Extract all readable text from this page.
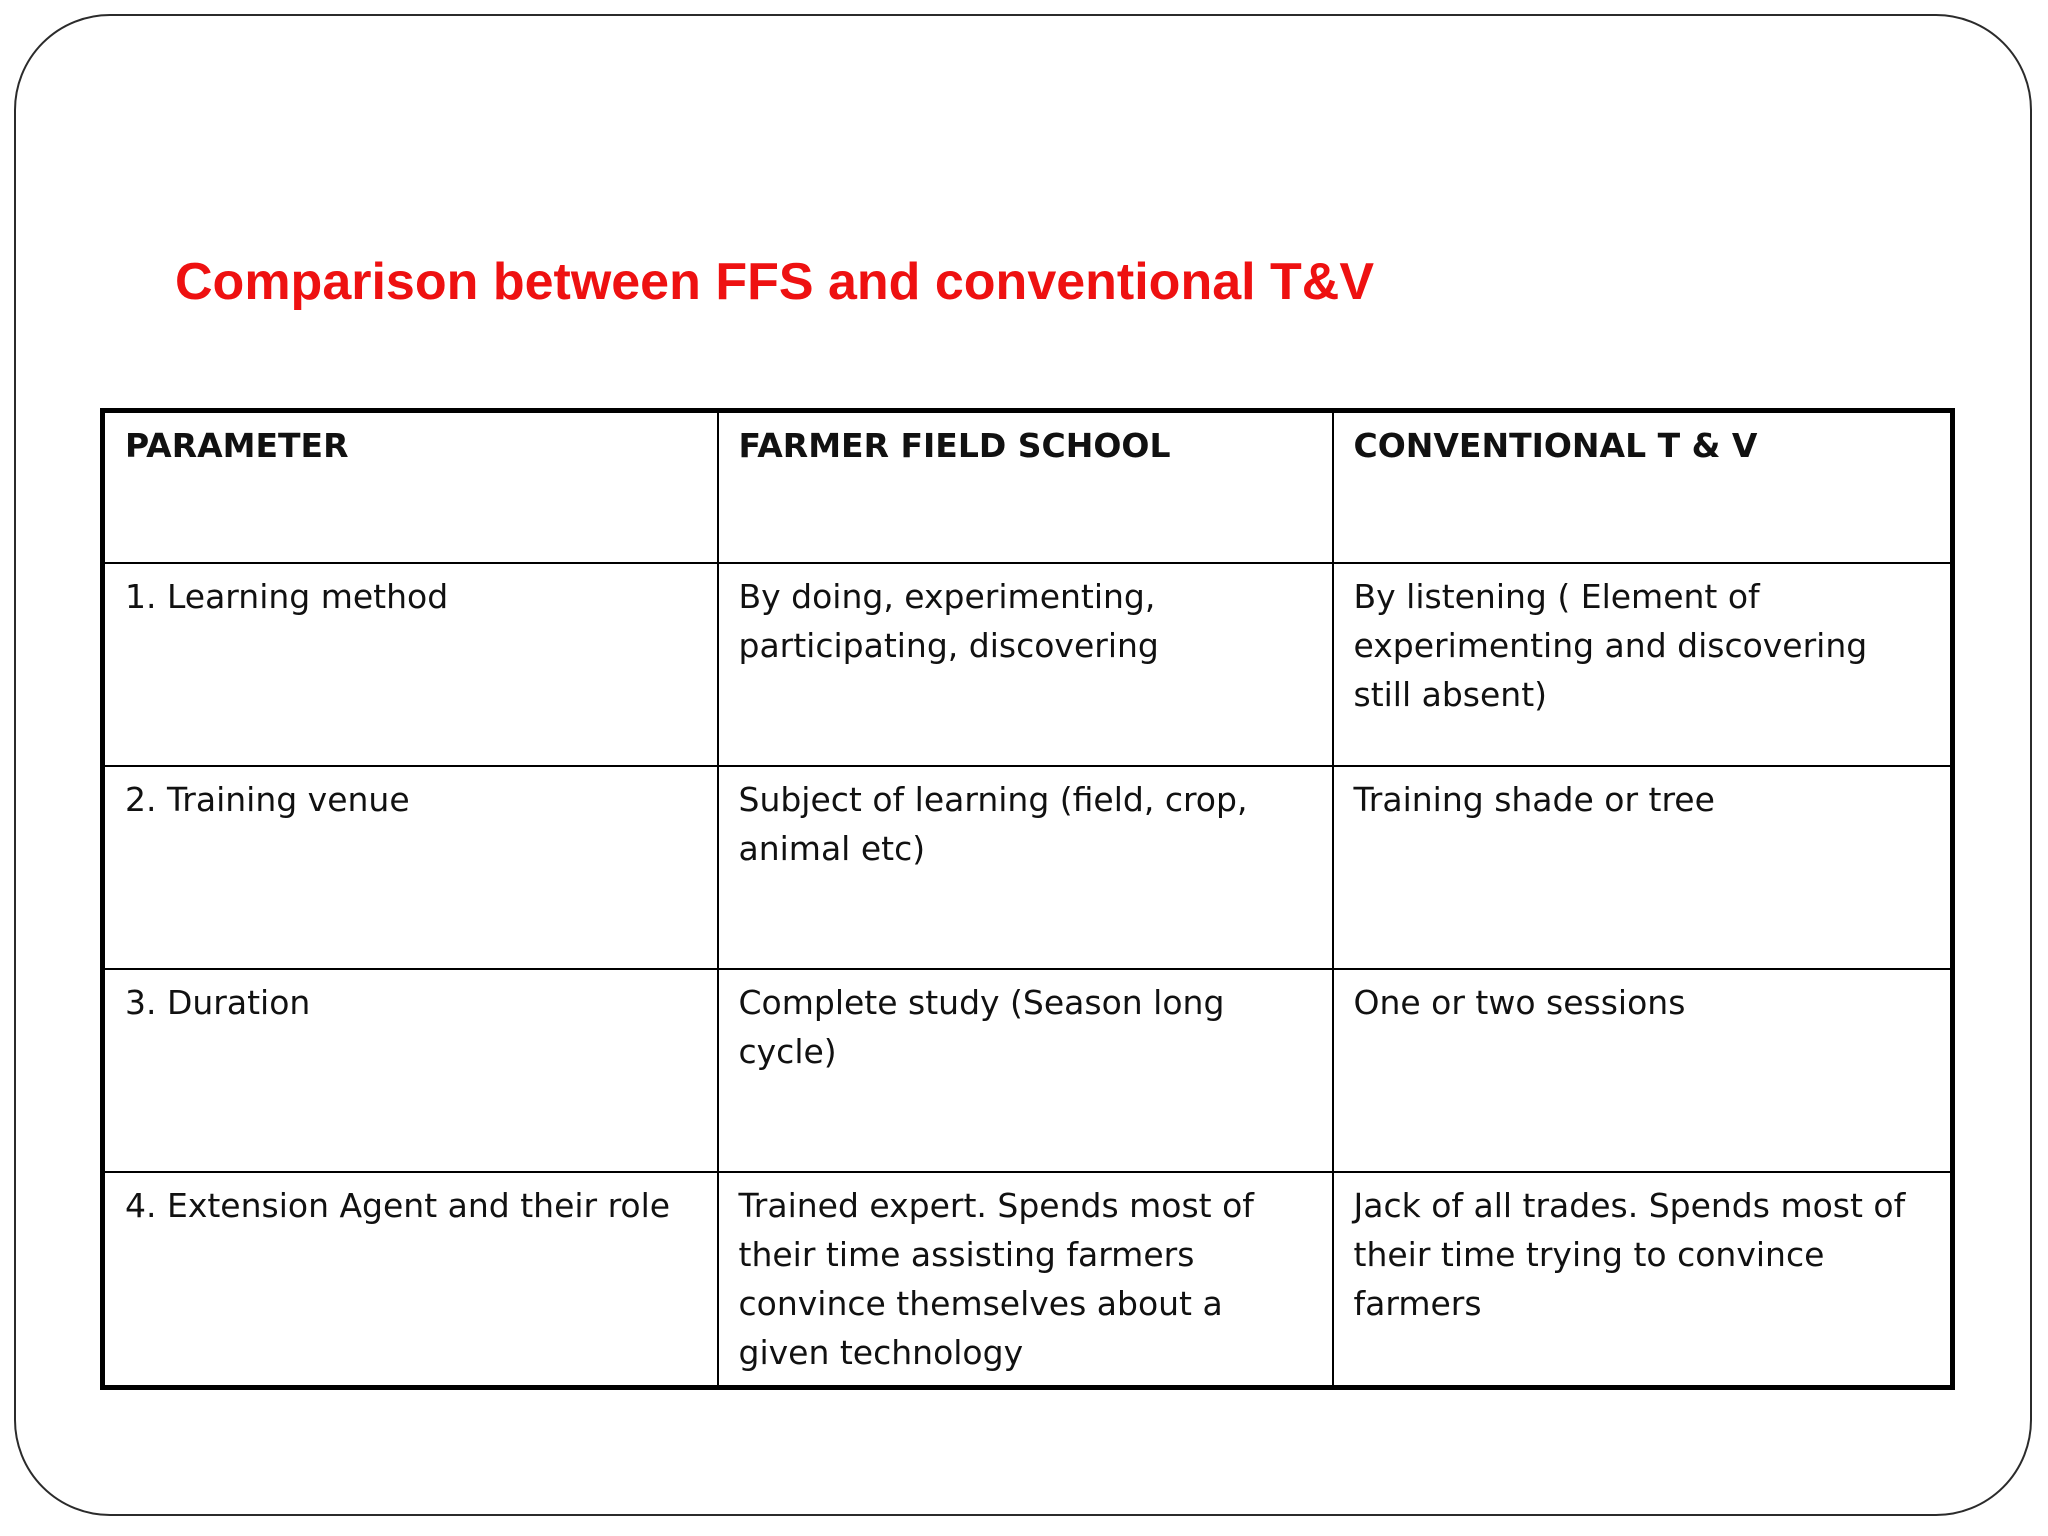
Comparison between FFS and conventional T&V
PARAMETER	FARMER FIELD SCHOOL	CONVENTIONAL T & V
1. Learning method	By doing, experimenting, participating, discovering	By listening ( Element of experimenting and discovering still absent)
2. Training venue	Subject of learning (field, crop, animal etc)	Training shade or tree
3. Duration	Complete study (Season long cycle)	One or two sessions
4. Extension Agent and their role	Trained expert. Spends most of their time assisting farmers convince themselves about a given technology	Jack of all trades. Spends most of their time trying to convince farmers
